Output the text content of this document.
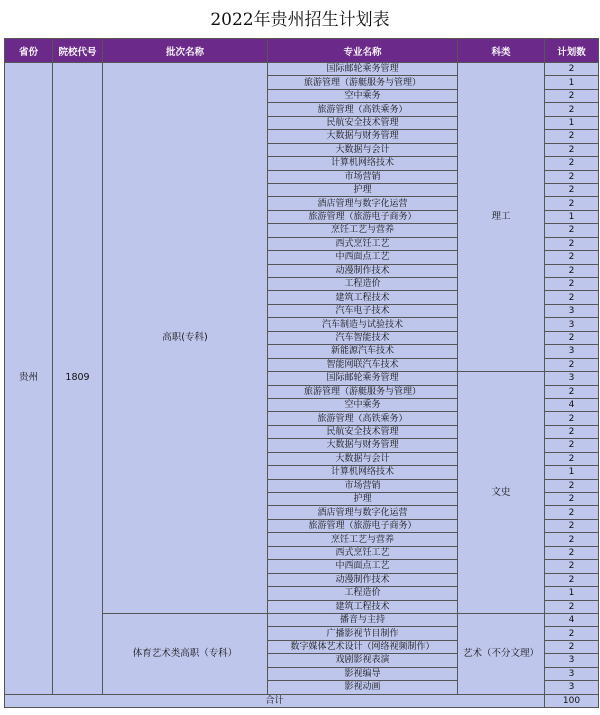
2022年贵州招生计划表
省份	院校代号	批次名称	专业名称	科类	计划数
贵州	1809	高职(专科)	国际邮轮乘务管理	理工	2
			旅游管理（游艇服务与管理）		1
			空中乘务		2
			旅游管理（高铁乘务）		2
			民航安全技术管理		1
			大数据与财务管理		2
			大数据与会计		2
			计算机网络技术		2
			市场营销		2
			护理		2
			酒店管理与数字化运营		2
			旅游管理（旅游电子商务）		1
			烹饪工艺与营养		2
			西式烹饪工艺		2
			中西面点工艺		2
			动漫制作技术		2
			工程造价		2
			建筑工程技术		2
			汽车电子技术		3
			汽车制造与试验技术		3
			汽车智能技术		2
			新能源汽车技术		3
			智能网联汽车技术		2
			国际邮轮乘务管理	文史	3
			旅游管理（游艇服务与管理）		2
			空中乘务		4
			旅游管理（高铁乘务）		2
			民航安全技术管理		2
			大数据与财务管理		2
			大数据与会计		2
			计算机网络技术		1
			市场营销		2
			护理		2
			酒店管理与数字化运营		2
			旅游管理（旅游电子商务）		2
			烹饪工艺与营养		2
			西式烹饪工艺		2
			中西面点工艺		2
			动漫制作技术		2
			工程造价		1
			建筑工程技术		2
		体育艺术类高职（专科）	播音与主持	艺术（不分文理）	4
			广播影视节目制作		2
			数字媒体艺术设计（网络视频制作）		2
			戏剧影视表演		3
			影视编导		3
			影视动画		3
合计					100
